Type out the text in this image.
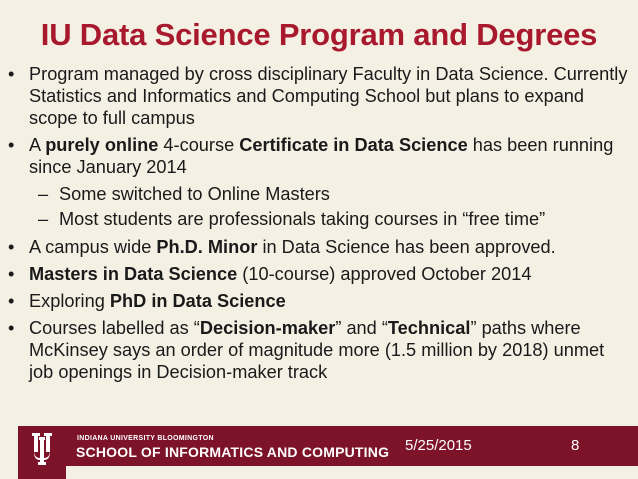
IU Data Science Program and Degrees
• Program managed by cross disciplinary Faculty in Data Science. Currently Statistics and Informatics and Computing School but plans to expand scope to full campus
• A purely online 4-course Certificate in Data Science has been running since January 2014
– Some switched to Online Masters
– Most students are professionals taking courses in “free time”
• A campus wide Ph.D. Minor in Data Science has been approved.
• Masters in Data Science (10-course) approved October 2014
• Exploring PhD in Data Science
• Courses labelled as “Decision-maker” and “Technical” paths where McKinsey says an order of magnitude more (1.5 million by 2018) unmet job openings in Decision-maker track
INDIANA UNIVERSITY BLOOMINGTON
SCHOOL OF INFORMATICS AND COMPUTING 5/25/2015	8
